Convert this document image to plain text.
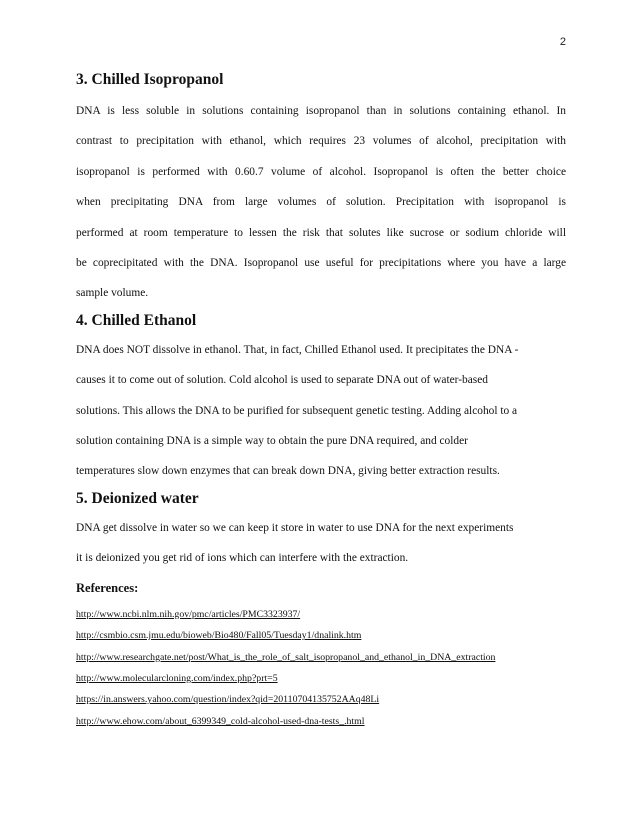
2
3. Chilled Isopropanol
DNA is less soluble in solutions containing isopropanol than in solutions containing ethanol. In
contrast to precipitation with ethanol, which requires 23 volumes of alcohol, precipitation with
isopropanol is performed with 0.60.7 volume of alcohol. Isopropanol is often the better choice
when precipitating DNA from large volumes of solution. Precipitation with isopropanol is
performed at room temperature to lessen the risk that solutes like sucrose or sodium chloride will
be coprecipitated with the DNA. Isopropanol use useful for precipitations where you have a large
sample volume.
4. Chilled Ethanol
DNA does NOT dissolve in ethanol. That, in fact, Chilled Ethanol used. It precipitates the DNA -
causes it to come out of solution. Cold alcohol is used to separate DNA out of water-based
solutions. This allows the DNA to be purified for subsequent genetic testing. Adding alcohol to a
solution containing DNA is a simple way to obtain the pure DNA required, and colder
temperatures slow down enzymes that can break down DNA, giving better extraction results.
5. Deionized water
DNA get dissolve in water so we can keep it store in water to use DNA for the next experiments
it is deionized you get rid of ions which can interfere with the extraction.
References:
http://www.ncbi.nlm.nih.gov/pmc/articles/PMC3323937/
http://csmbio.csm.jmu.edu/bioweb/Bio480/Fall05/Tuesday1/dnalink.htm
http://www.researchgate.net/post/What_is_the_role_of_salt_isopropanol_and_ethanol_in_DNA_extraction
http://www.molecularcloning.com/index.php?prt=5
https://in.answers.yahoo.com/question/index?qid=20110704135752AAq48Li
http://www.ehow.com/about_6399349_cold-alcohol-used-dna-tests_.html
